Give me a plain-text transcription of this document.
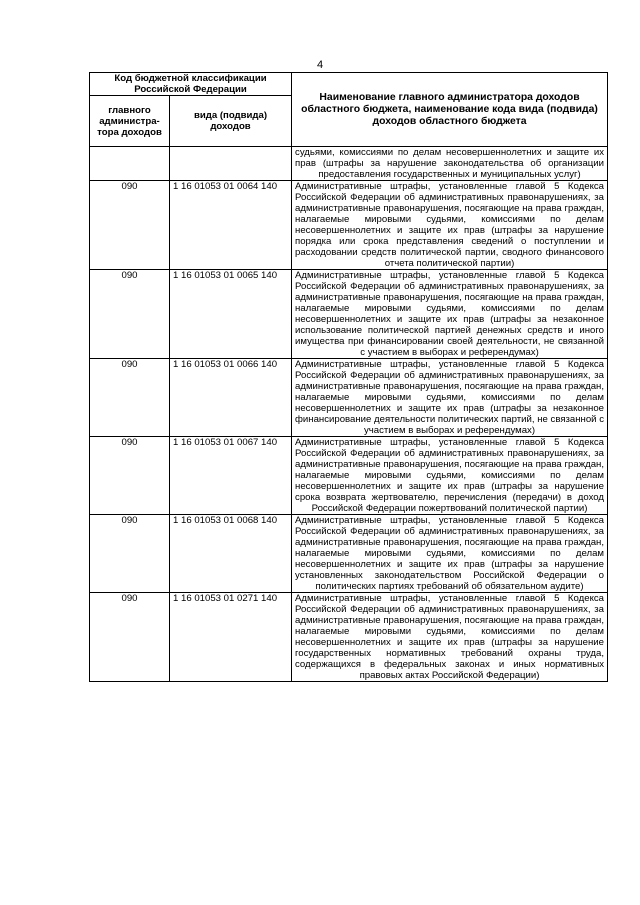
4
Код бюджетной классификации Российской Федерации		Наименование главного администратора доходов областного бюджета, наименование кода вида (подвида) доходов областного бюджета
главного администра-тора доходов	вида (подвида) доходов	
		судьями, комиссиями по делам несовершеннолетних и защите их прав (штрафы за нарушение законодательства об организации предоставления государственных и муниципальных услуг)
090	1 16 01053 01 0064 140	Административные штрафы, установленные главой 5 Кодекса Российской Федерации об административных правонарушениях, за административные правонарушения, посягающие на права граждан, налагаемые мировыми судьями, комиссиями по делам несовершеннолетних и защите их прав (штрафы за нарушение порядка или срока представления сведений о поступлении и расходовании средств политической партии, сводного финансового отчета политической партии)
090	1 16 01053 01 0065 140	Административные штрафы, установленные главой 5 Кодекса Российской Федерации об административных правонарушениях, за административные правонарушения, посягающие на права граждан, налагаемые мировыми судьями, комиссиями по делам несовершеннолетних и защите их прав (штрафы за незаконное использование политической партией денежных средств и иного имущества при финансировании своей деятельности, не связанной с участием в выборах и референдумах)
090	1 16 01053 01 0066 140	Административные штрафы, установленные главой 5 Кодекса Российской Федерации об административных правонарушениях, за административные правонарушения, посягающие на права граждан, налагаемые мировыми судьями, комиссиями по делам несовершеннолетних и защите их прав (штрафы за незаконное финансирование деятельности политических партий, не связанной с участием в выборах и референдумах)
090	1 16 01053 01 0067 140	Административные штрафы, установленные главой 5 Кодекса Российской Федерации об административных правонарушениях, за административные правонарушения, посягающие на права граждан, налагаемые мировыми судьями, комиссиями по делам несовершеннолетних и защите их прав (штрафы за нарушение срока возврата жертвователю, перечисления (передачи) в доход Российской Федерации пожертвований политической партии)
090	1 16 01053 01 0068 140	Административные штрафы, установленные главой 5 Кодекса Российской Федерации об административных правонарушениях, за административные правонарушения, посягающие на права граждан, налагаемые мировыми судьями, комиссиями по делам несовершеннолетних и защите их прав (штрафы за нарушение установленных законодательством Российской Федерации о политических партиях требований об обязательном аудите)
090	1 16 01053 01 0271 140	Административные штрафы, установленные главой 5 Кодекса Российской Федерации об административных правонарушениях, за административные правонарушения, посягающие на права граждан, налагаемые мировыми судьями, комиссиями по делам несовершеннолетних и защите их прав (штрафы за нарушение государственных нормативных требований охраны труда, содержащихся в федеральных законах и иных нормативных правовых актах Российской Федерации)
